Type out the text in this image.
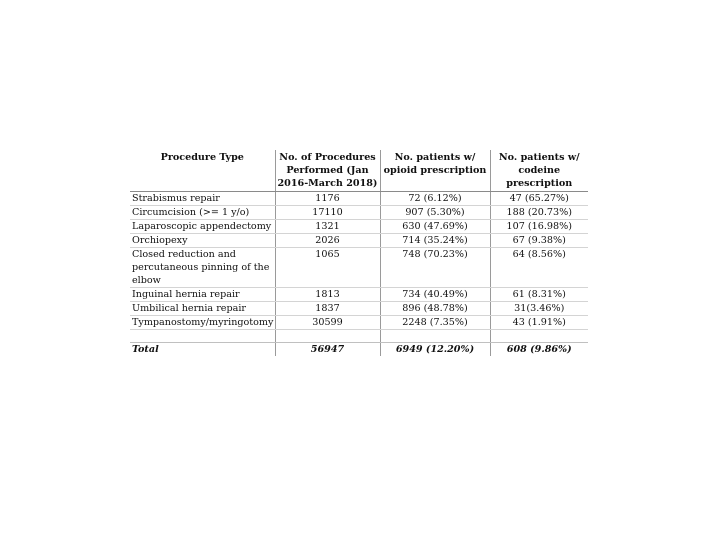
Procedure Type	No. of Procedures Performed (Jan 2016-March 2018)	No. patients w/ opioid prescription	No. patients w/ codeine prescription
Strabismus repair	1176	72 (6.12%)	47 (65.27%)
Circumcision (>= 1 y/o)	17110	907 (5.30%)	188 (20.73%)
Laparoscopic appendectomy	1321	630 (47.69%)	107 (16.98%)
Orchiopexy	2026	714 (35.24%)	67 (9.38%)
Closed reduction and percutaneous pinning of the elbow	1065	748 (70.23%)	64 (8.56%)
Inguinal hernia repair	1813	734 (40.49%)	61 (8.31%)
Umbilical hernia repair	1837	896 (48.78%)	31(3.46%)
Tympanostomy/myringotomy	30599	2248 (7.35%)	43 (1.91%)

Total	56947	6949 (12.20%)	608 (9.86%)
